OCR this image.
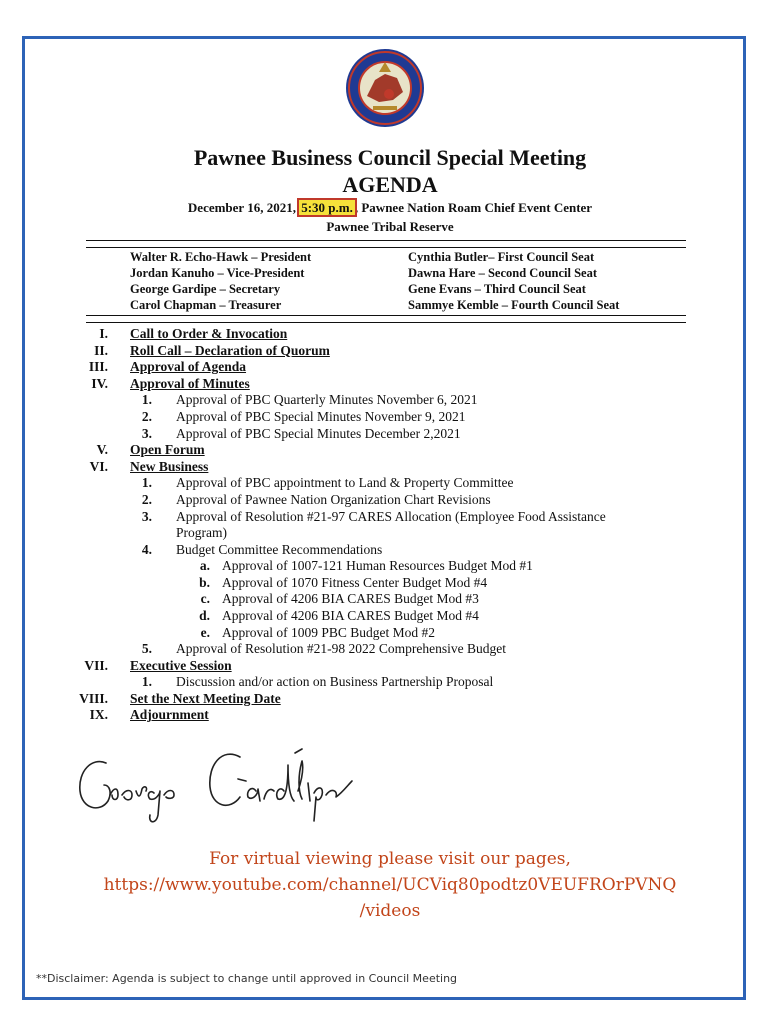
Pawnee Business Council Special Meeting
AGENDA
December 16, 2021, 5:30 p.m. , Pawnee Nation Roam Chief Event Center
Pawnee Tribal Reserve
Walter R. Echo-Hawk – President
Jordan Kanuho – Vice-President
George Gardipe – Secretary
Carol Chapman – Treasurer
Cynthia Butler– First Council Seat
Dawna Hare – Second Council Seat
Gene Evans – Third Council Seat
Sammye Kemble – Fourth Council Seat
I. Call to Order & Invocation
II. Roll Call – Declaration of Quorum
III. Approval of Agenda
IV. Approval of Minutes
1. Approval of PBC Quarterly Minutes November 6, 2021
2. Approval of PBC Special Minutes November 9, 2021
3. Approval of PBC Special Minutes December 2,2021
V. Open Forum
VI. New Business
1. Approval of PBC appointment to Land & Property Committee
2. Approval of Pawnee Nation Organization Chart Revisions
3. Approval of Resolution #21-97 CARES Allocation (Employee Food Assistance Program)
4. Budget Committee Recommendations
a. Approval of 1007-121 Human Resources Budget Mod #1
b. Approval of 1070 Fitness Center Budget Mod #4
c. Approval of 4206 BIA CARES Budget Mod #3
d. Approval of 4206 BIA CARES Budget Mod #4
e. Approval of 1009 PBC Budget Mod #2
5. Approval of Resolution #21-98 2022 Comprehensive Budget
VII. Executive Session
1. Discussion and/or action on Business Partnership Proposal
VIII. Set the Next Meeting Date
IX. Adjournment
For virtual viewing please visit our pages,
https://www.youtube.com/channel/UCViq80podtz0VEUFROrPVNQ
/videos
**Disclaimer: Agenda is subject to change until approved in Council Meeting
